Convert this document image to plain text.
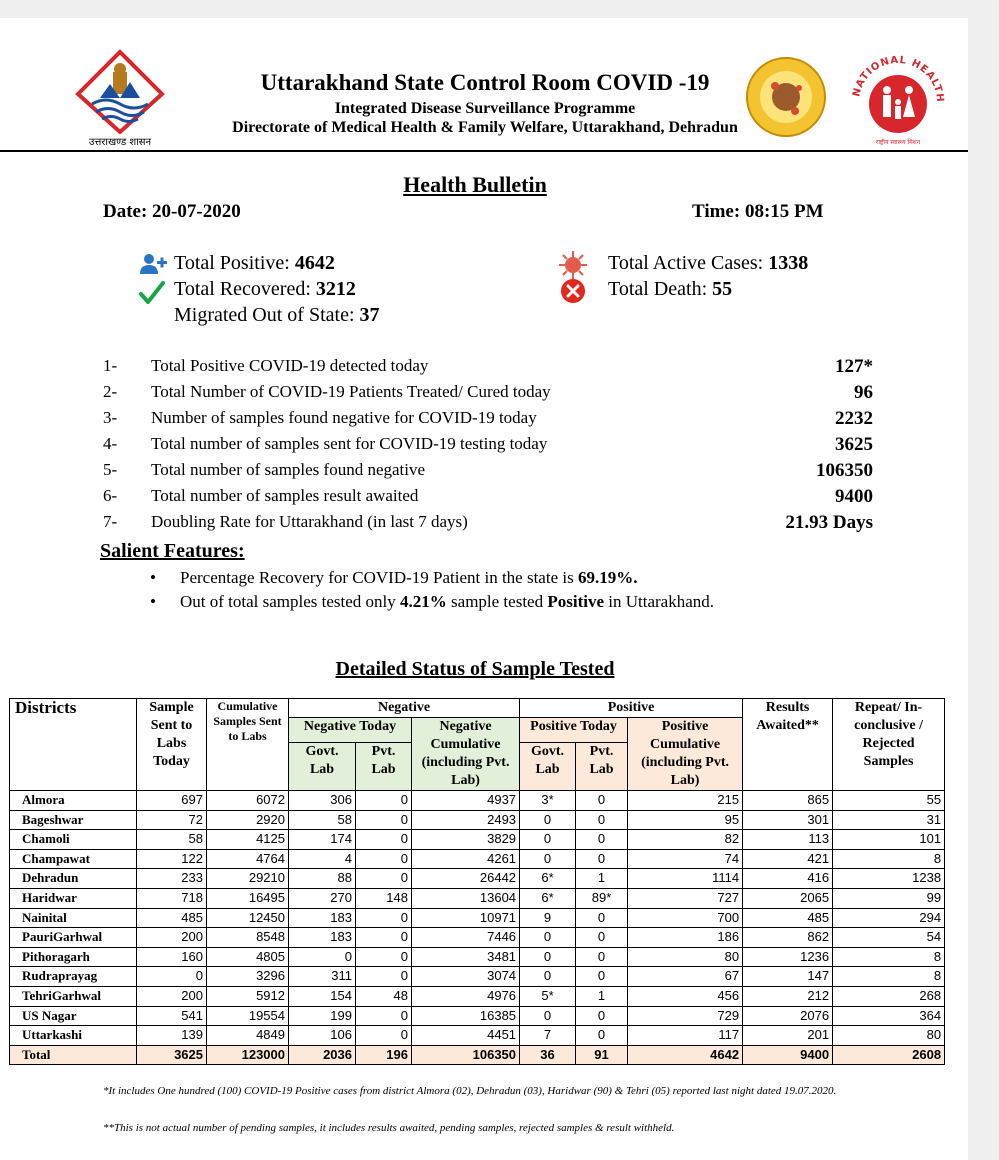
उत्तराखण्ड शासन
Uttarakhand State Control Room COVID -19
Integrated Disease Surveillance Programme
Directorate of Medical Health & Family Welfare, Uttarakhand, Dehradun
NATIONAL HEALTH
राष्ट्रीय स्वास्थ्य मिशन
Health Bulletin
Date: 20-07-2020	Time: 08:15 PM
Total Positive: 4642
Total Recovered: 3212
Migrated Out of State: 37
Total Active Cases: 1338
Total Death: 55
1- Total Positive COVID-19 detected today	127*
2- Total Number of COVID-19 Patients Treated/ Cured today	96
3- Number of samples found negative for COVID-19 today	2232
4- Total number of samples sent for COVID-19 testing today	3625
5- Total number of samples found negative	106350
6- Total number of samples result awaited	9400
7- Doubling Rate for Uttarakhand (in last 7 days)	21.93 Days
Salient Features:
• Percentage Recovery for COVID-19 Patient in the state is 69.19%.
• Out of total samples tested only 4.21% sample tested Positive in Uttarakhand.
Detailed Status of Sample Tested
Districts	Sample Sent to Labs Today	Cumulative Samples Sent to Labs	Negative			Positive			Results Awaited**	Repeat/ In-conclusive / Rejected Samples
			Negative Today		Negative Cumulative (including Pvt. Lab)	Positive Today		Positive Cumulative (including Pvt. Lab)		
			Govt. Lab	Pvt. Lab		Govt. Lab	Pvt. Lab			
Almora	697	6072	306	0	4937	3*	0	215	865	55
Bageshwar	72	2920	58	0	2493	0	0	95	301	31
Chamoli	58	4125	174	0	3829	0	0	82	113	101
Champawat	122	4764	4	0	4261	0	0	74	421	8
Dehradun	233	29210	88	0	26442	6*	1	1114	416	1238
Haridwar	718	16495	270	148	13604	6*	89*	727	2065	99
Nainital	485	12450	183	0	10971	9	0	700	485	294
PauriGarhwal	200	8548	183	0	7446	0	0	186	862	54
Pithoragarh	160	4805	0	0	3481	0	0	80	1236	8
Rudraprayag	0	3296	311	0	3074	0	0	67	147	8
TehriGarhwal	200	5912	154	48	4976	5*	1	456	212	268
US Nagar	541	19554	199	0	16385	0	0	729	2076	364
Uttarkashi	139	4849	106	0	4451	7	0	117	201	80
Total	3625	123000	2036	196	106350	36	91	4642	9400	2608
*It includes One hundred (100) COVID-19 Positive cases from district Almora (02), Dehradun (03), Haridwar (90) & Tehri (05) reported last night dated 19.07.2020.
**This is not actual number of pending samples, it includes results awaited, pending samples, rejected samples & result withheld.
